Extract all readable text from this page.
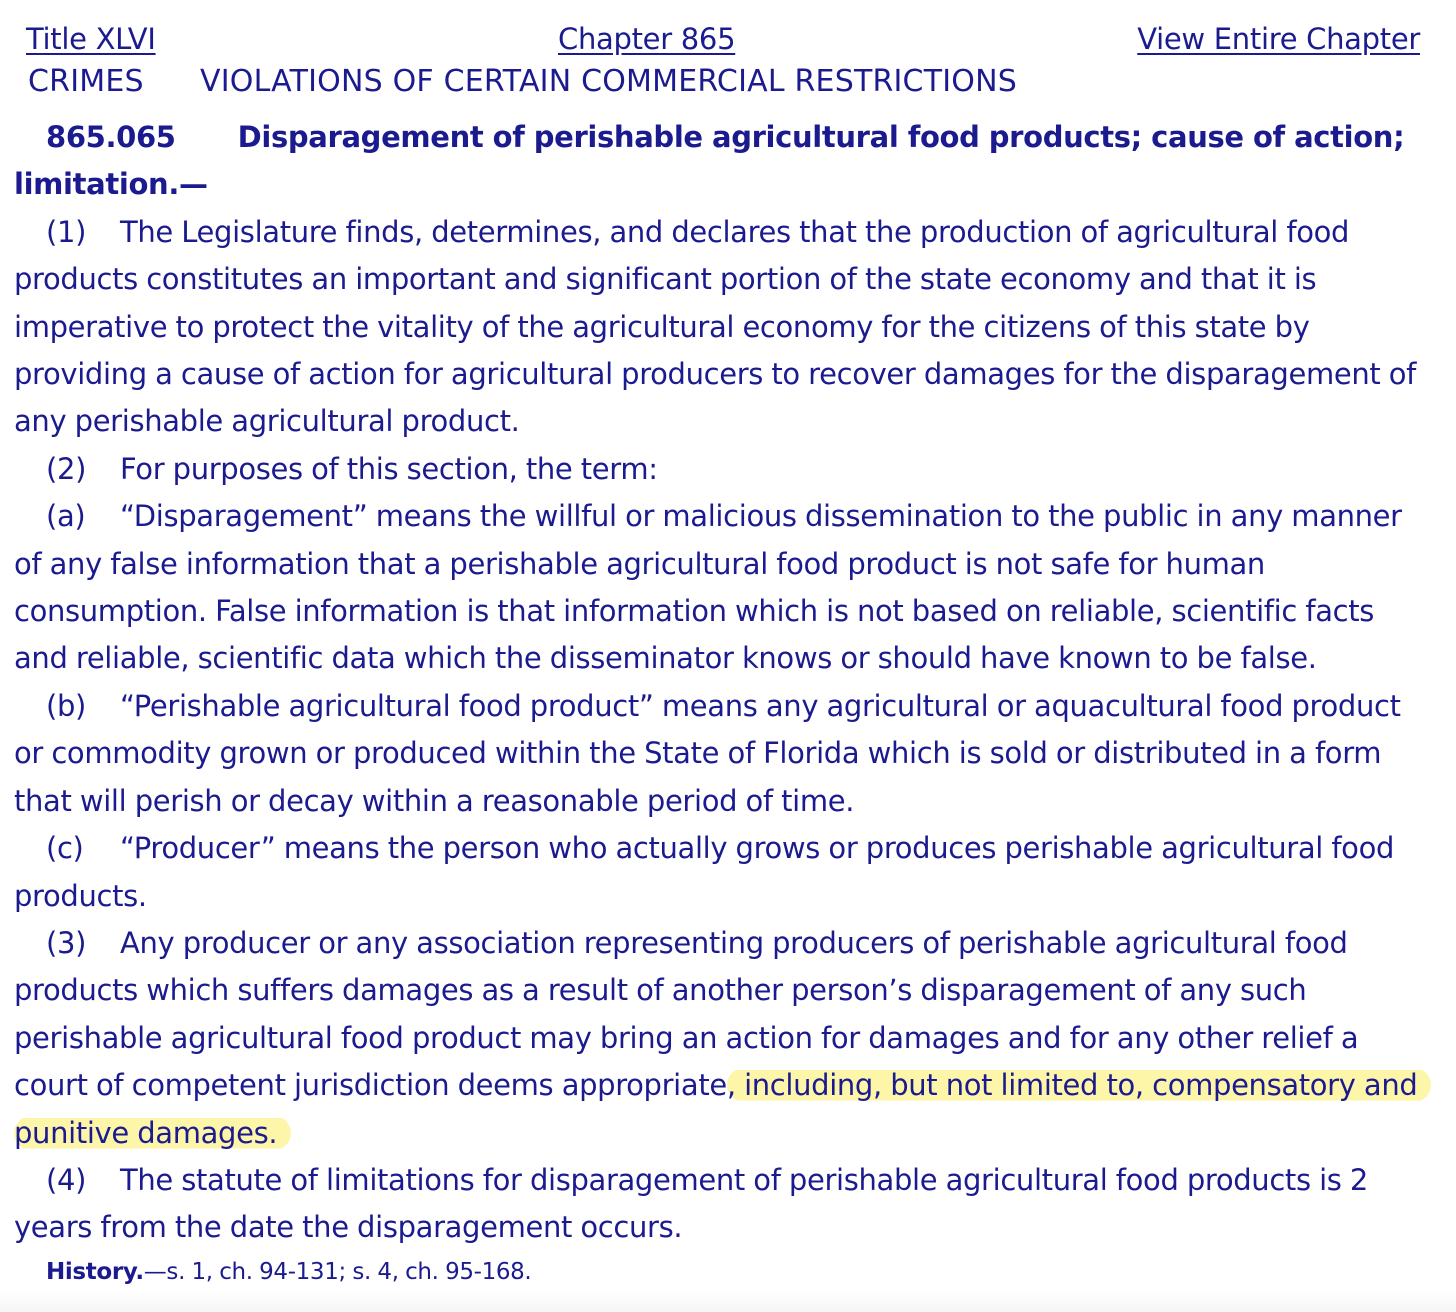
Title XLVI	Chapter 865	View Entire Chapter
CRIMES VIOLATIONS OF CERTAIN COMMERCIAL RESTRICTIONS

865.065 Disparagement of perishable agricultural food products; cause of action; limitation.—

(1) The Legislature finds, determines, and declares that the production of agricultural food products constitutes an important and significant portion of the state economy and that it is imperative to protect the vitality of the agricultural economy for the citizens of this state by providing a cause of action for agricultural producers to recover damages for the disparagement of any perishable agricultural product.

(2) For purposes of this section, the term:

(a) “Disparagement” means the willful or malicious dissemination to the public in any manner of any false information that a perishable agricultural food product is not safe for human consumption. False information is that information which is not based on reliable, scientific facts and reliable, scientific data which the disseminator knows or should have known to be false.

(b) “Perishable agricultural food product” means any agricultural or aquacultural food product or commodity grown or produced within the State of Florida which is sold or distributed in a form that will perish or decay within a reasonable period of time.

(c) “Producer” means the person who actually grows or produces perishable agricultural food products.

(3) Any producer or any association representing producers of perishable agricultural food products which suffers damages as a result of another person’s disparagement of any such perishable agricultural food product may bring an action for damages and for any other relief a court of competent jurisdiction deems appropriate, including, but not limited to, compensatory and punitive damages.

(4) The statute of limitations for disparagement of perishable agricultural food products is 2 years from the date the disparagement occurs.

History.—s. 1, ch. 94-131; s. 4, ch. 95-168.
